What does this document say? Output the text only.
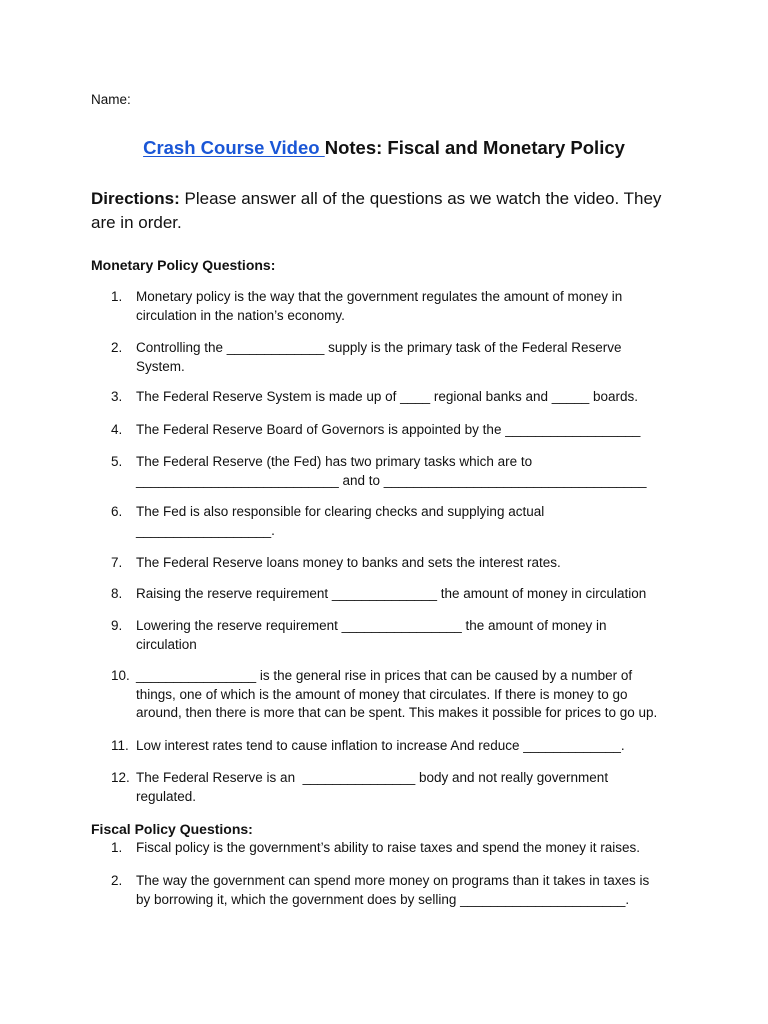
Name:
Crash Course Video Notes: Fiscal and Monetary Policy
Directions: Please answer all of the questions as we watch the video. They are in order.
Monetary Policy Questions:
1.	Monetary policy is the way that the government regulates the amount of money in
circulation in the nation’s economy.
2.	Controlling the _____________ supply is the primary task of the Federal Reserve
System.
3.	The Federal Reserve System is made up of ____ regional banks and _____ boards.
4.	The Federal Reserve Board of Governors is appointed by the __________________
5.	The Federal Reserve (the Fed) has two primary tasks which are to
___________________________ and to ___________________________________
6.	The Fed is also responsible for clearing checks and supplying actual
__________________.
7.	The Federal Reserve loans money to banks and sets the interest rates.
8.	Raising the reserve requirement ______________ the amount of money in circulation
9.	Lowering the reserve requirement ________________ the amount of money in
circulation
10. ________________ is the general rise in prices that can be caused by a number of
things, one of which is the amount of money that circulates. If there is money to go
around, then there is more that can be spent. This makes it possible for prices to go up.
11. Low interest rates tend to cause inflation to increase And reduce _____________.
12. The Federal Reserve is an  _______________ body and not really government
regulated.
Fiscal Policy Questions:
1.	Fiscal policy is the government’s ability to raise taxes and spend the money it raises.
2.	The way the government can spend more money on programs than it takes in taxes is
by borrowing it, which the government does by selling ______________________.
